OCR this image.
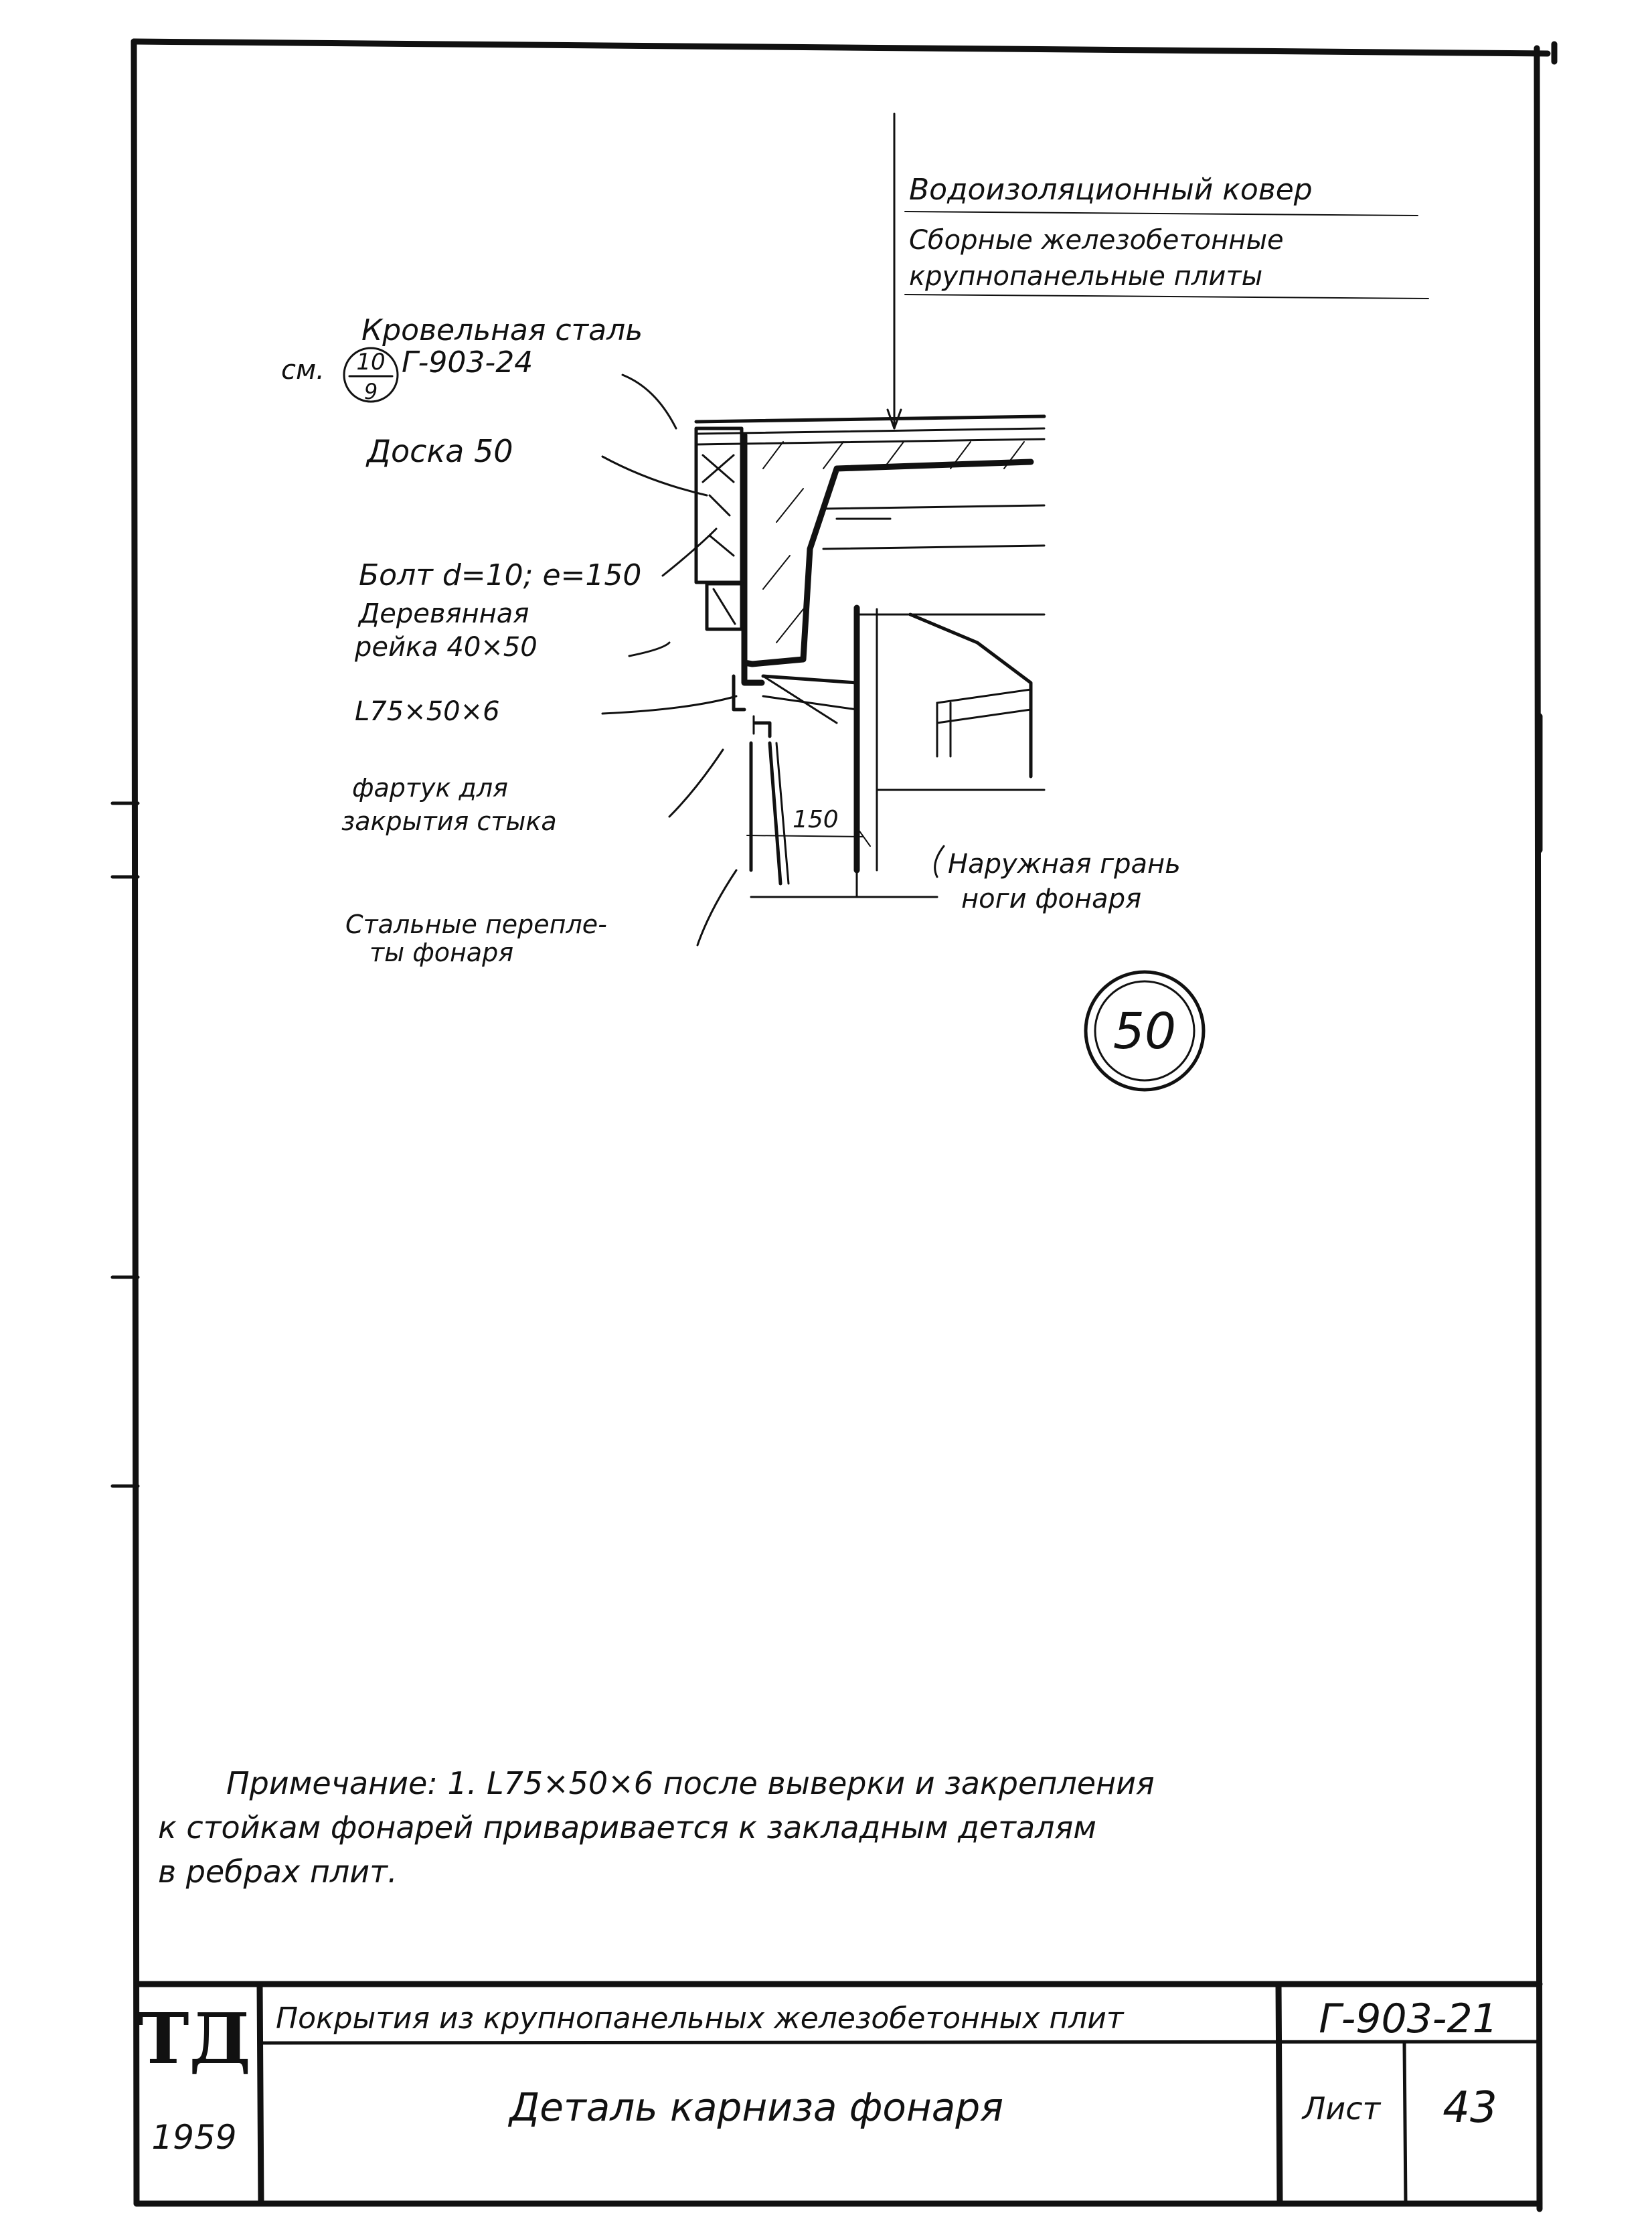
Водоизоляционный ковер
Сборные железобетонные
крупнопанельные плиты
Кровельная сталь
см. 10
9
Г-903-24
Доска 50
Болт d=10; e=150
Деревянная
рейка 40×50
L75×50×6
фартук для
закрытия стыка	150
Наружная грань
ноги фонаря
Стальные перепле-
ты фонаря
50
Примечание: 1. L75×50×6 после выверки и закрепления
к стойкам фонарей приваривается к закладным деталям
в ребрах плит.
ТД
1959
Покрытия из крупнопанельных железобетонных плит	Г-903-21
Деталь карниза фонаря	Лист 43
